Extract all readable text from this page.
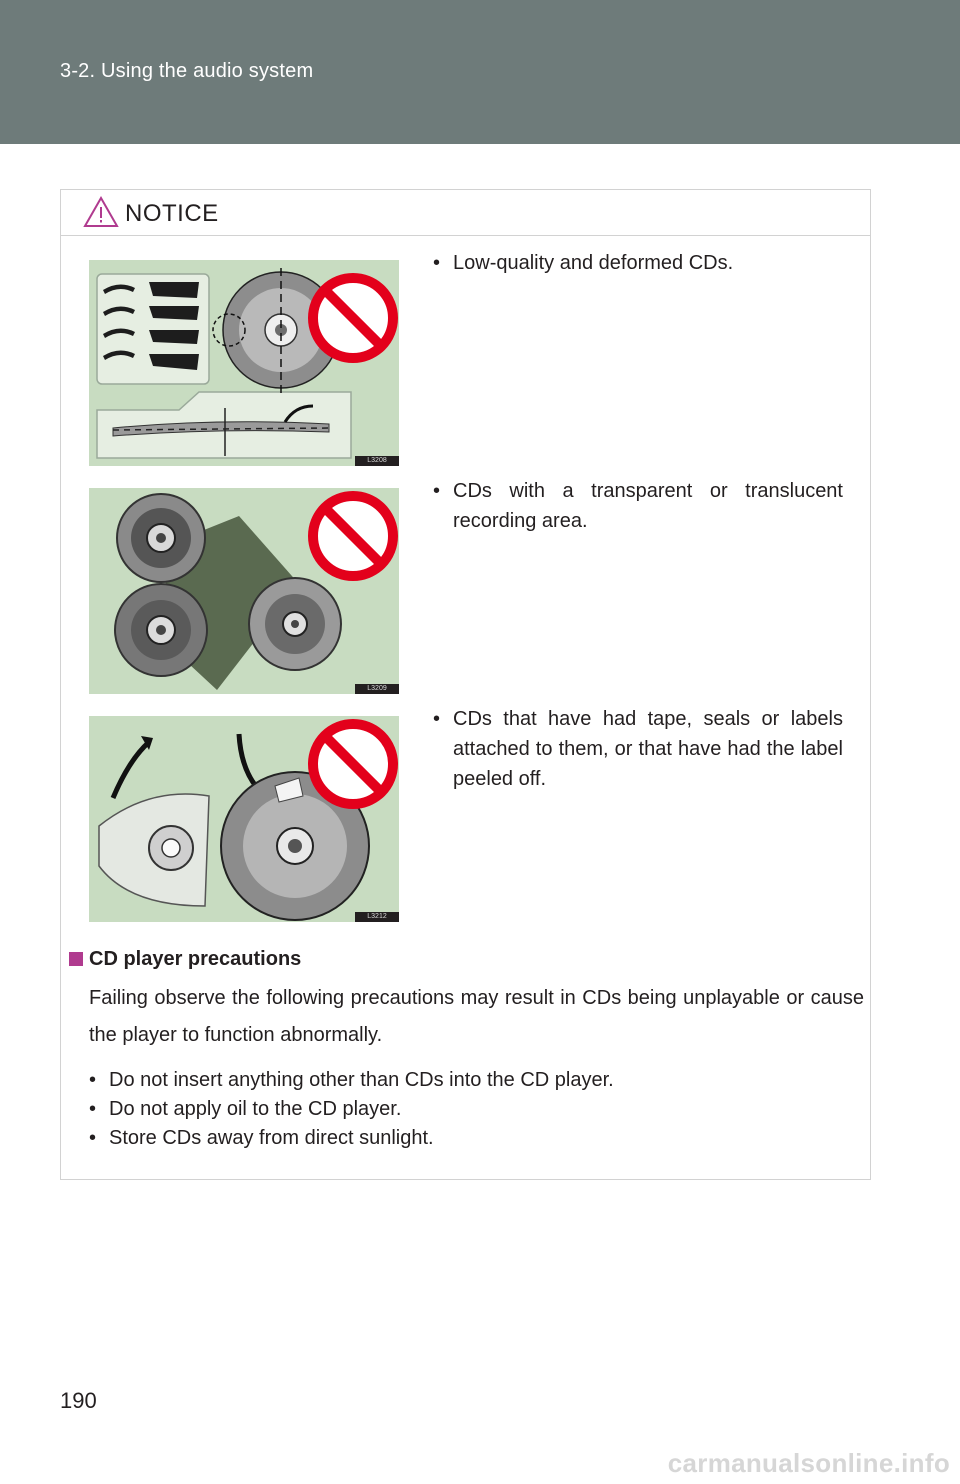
3-2. Using the audio system
NOTICE
L3208
• Low-quality and deformed CDs.
L3209
• CDs with a transparent or translucent recording area.
L3212
• CDs that have had tape, seals or labels attached to them, or that have had the label peeled off.
CD player precautions
Failing observe the following precautions may result in CDs being unplayable or cause the player to function abnormally.
• Do not insert anything other than CDs into the CD player.
• Do not apply oil to the CD player.
• Store CDs away from direct sunlight.
190
carmanualsonline.info
